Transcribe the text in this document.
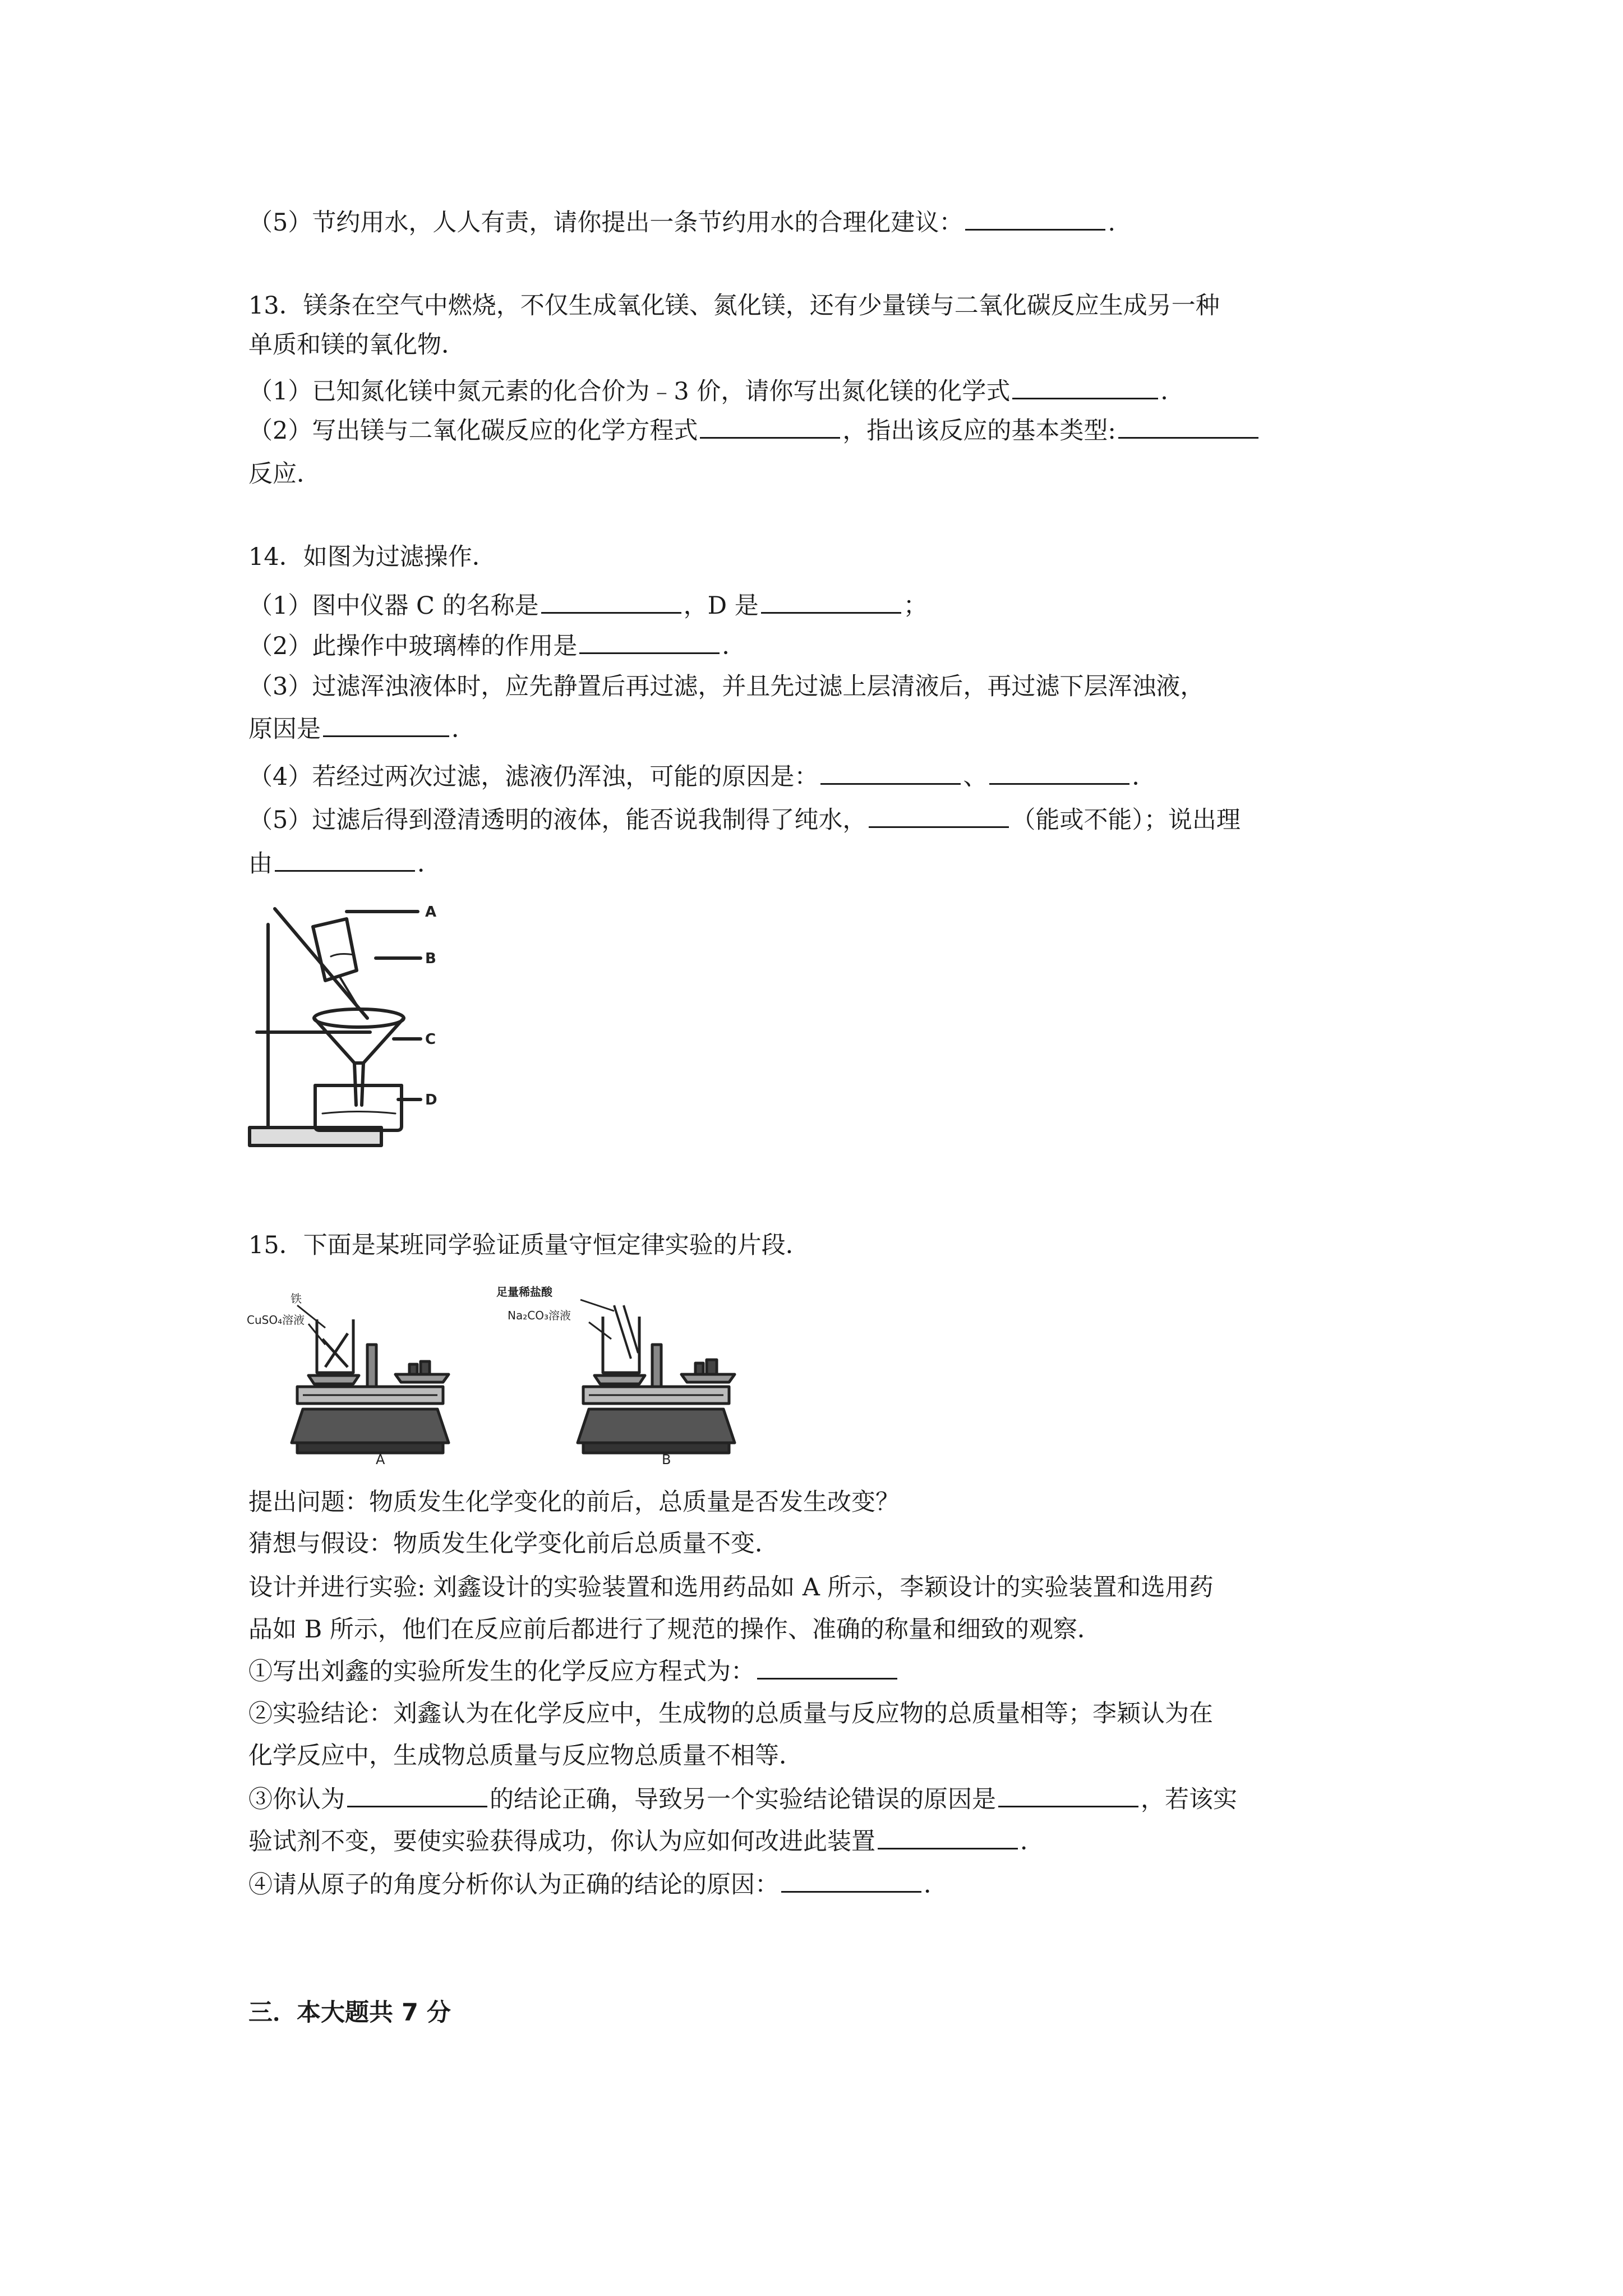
（5）节约用水，人人有责，请你提出一条节约用水的合理化建议：	.
13．镁条在空气中燃烧，不仅生成氧化镁、氮化镁，还有少量镁与二氧化碳反应生成另一种
单质和镁的氧化物．
（1）已知氮化镁中氮元素的化合价为﹣3 价，请你写出氮化镁的化学式	．
（2）写出镁与二氧化碳反应的化学方程式	，指出该反应的基本类型:
反应．
14．如图为过滤操作．
（1）图中仪器 C 的名称是	，D 是	；
（2）此操作中玻璃棒的作用是	．
（3）过滤浑浊液体时，应先静置后再过滤，并且先过滤上层清液后，再过滤下层浑浊液，
原因是	．
（4）若经过两次过滤，滤液仍浑浊，可能的原因是：	、	．
（5）过滤后得到澄清透明的液体，能否说我制得了纯水，	（能或不能）；说出理
由	．
A
B
C
D
15．下面是某班同学验证质量守恒定律实验的片段．
铁
CuSO₄溶液
A
足量稀盐酸
Na₂CO₃溶液
B
提出问题：物质发生化学变化的前后，总质量是否发生改变？
猜想与假设：物质发生化学变化前后总质量不变．
设计并进行实验: 刘鑫设计的实验装置和选用药品如 A 所示，李颖设计的实验装置和选用药
品如 B 所示，他们在反应前后都进行了规范的操作、准确的称量和细致的观察．
①写出刘鑫的实验所发生的化学反应方程式为：
②实验结论：刘鑫认为在化学反应中，生成物的总质量与反应物的总质量相等；李颖认为在
化学反应中，生成物总质量与反应物总质量不相等．
③你认为	的结论正确，导致另一个实验结论错误的原因是	，若该实
验试剂不变，要使实验获得成功，你认为应如何改进此装置	．
④请从原子的角度分析你认为正确的结论的原因：	．
三．本大题共 7 分
